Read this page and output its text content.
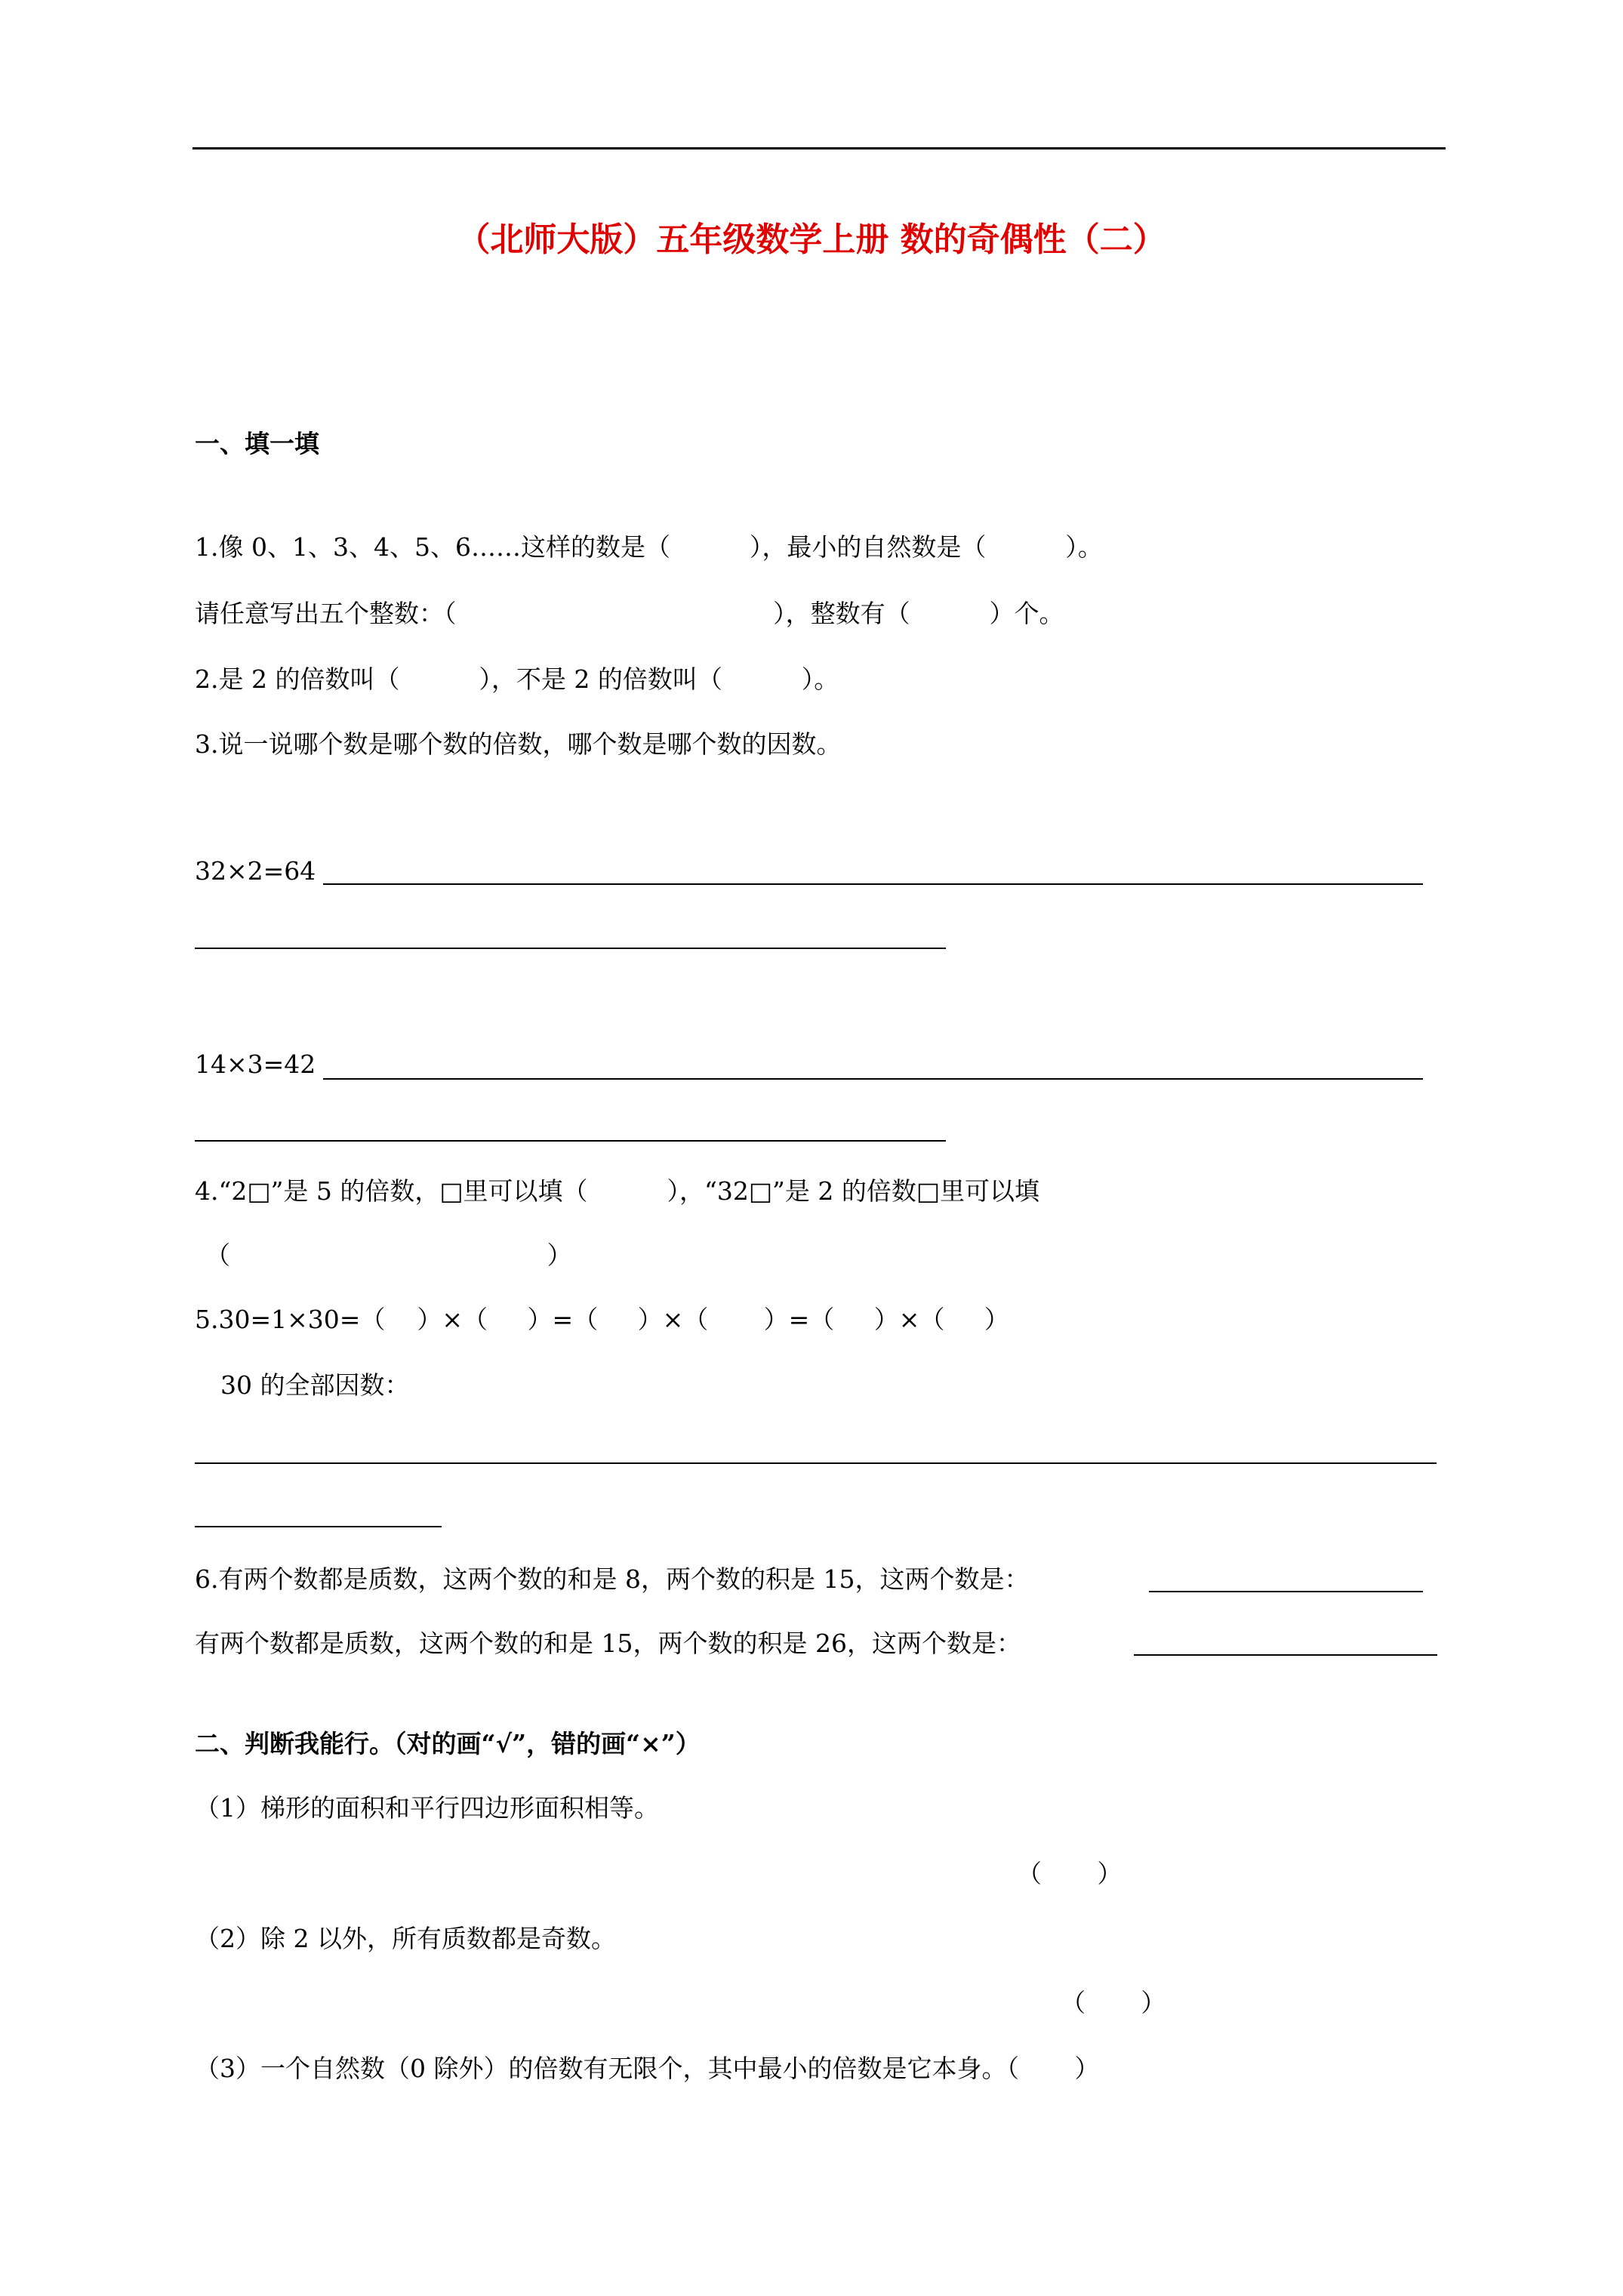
（北师大版）五年级数学上册 数的奇偶性（二）
一、填一填
1.像 0、1、3、4、5、6……这样的数是（          ），最小的自然数是（          ）。
请任意写出五个整数：（                                        ），整数有（          ）个。
2.是 2 的倍数叫（          ），不是 2 的倍数叫（          ）。
3.说一说哪个数是哪个数的倍数，哪个数是哪个数的因数。
32×2=64
14×3=42
4.“2□”是 5 的倍数，□里可以填（          ），“32□”是 2 的倍数□里可以填
（                                        ）
5.30=1×30=（    ）×（     ）=（     ）×（       ）=（     ）×（     ）
30 的全部因数：
6.有两个数都是质数，这两个数的和是 8，两个数的积是 15，这两个数是：
有两个数都是质数，这两个数的和是 15，两个数的积是 26，这两个数是：
二、判断我能行。（对的画“√”，错的画“×”）
（1）梯形的面积和平行四边形面积相等。
（       ）
（2）除 2 以外，所有质数都是奇数。
（       ）
（3）一个自然数（0 除外）的倍数有无限个，其中最小的倍数是它本身。（       ）
